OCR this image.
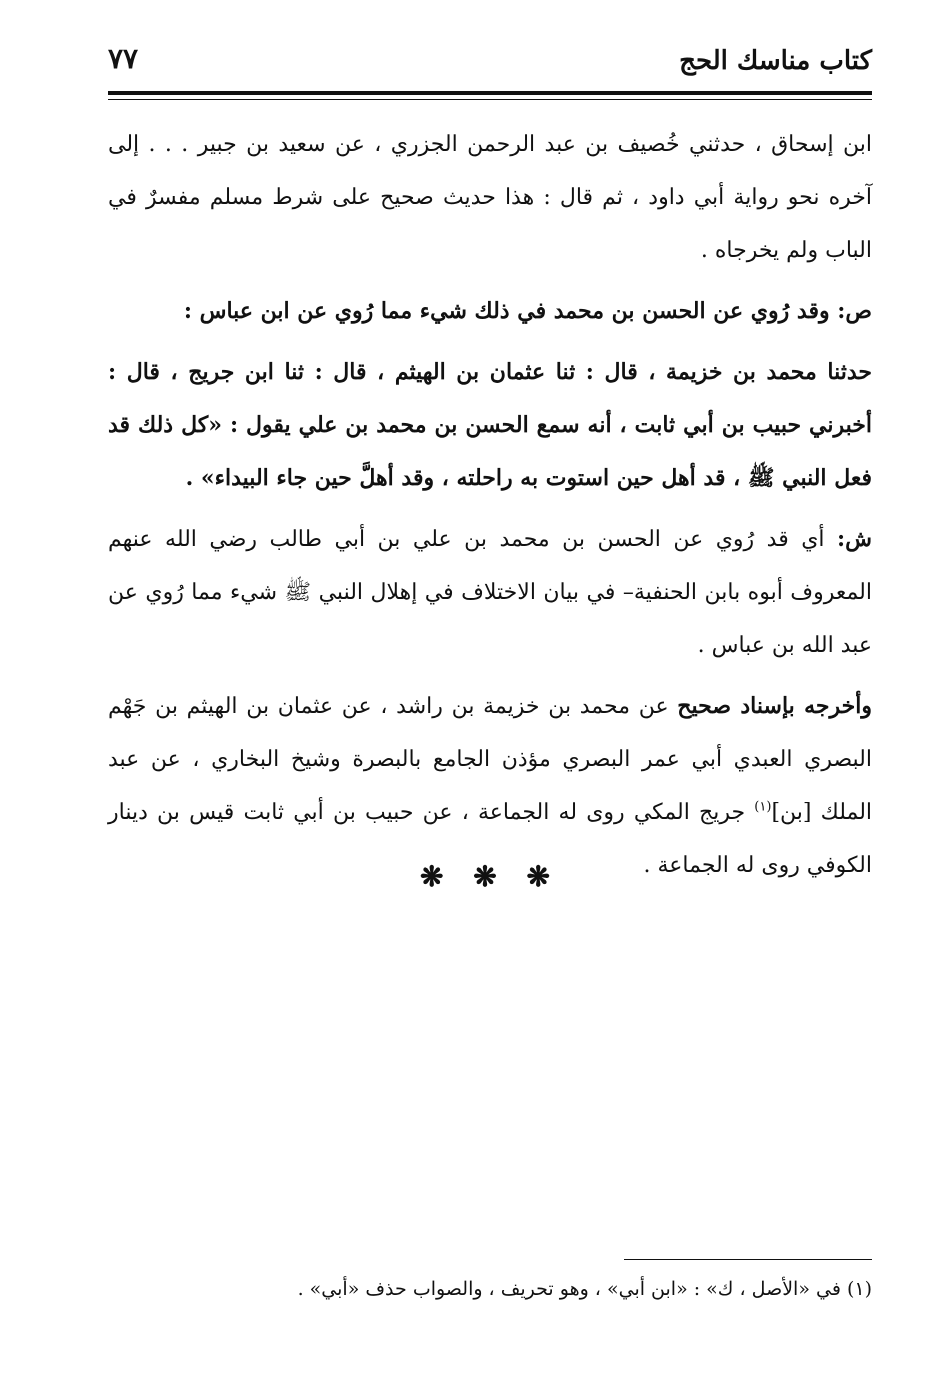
كتاب مناسك الحج
٧٧

ابن إسحاق ، حدثني خُصيف بن عبد الرحمن الجزري ، عن سعيد بن جبير . . . إلى آخره نحو رواية أبي داود ، ثم قال : هذا حديث صحيح على شرط مسلم مفسرٌ في الباب ولم يخرجاه .

ص: وقد رُوي عن الحسن بن محمد في ذلك شيء مما رُوي عن ابن عباس :

حدثنا محمد بن خزيمة ، قال : ثنا عثمان بن الهيثم ، قال : ثنا ابن جريج ، قال : أخبرني حبيب بن أبي ثابت ، أنه سمع الحسن بن محمد بن علي يقول : «كل ذلك قد فعل النبي ﷺ ، قد أهل حين استوت به راحلته ، وقد أهلَّ حين جاء البيداء» .

ش: أي قد رُوي عن الحسن بن محمد بن علي بن أبي طالب رضي الله عنهم المعروف أبوه بابن الحنفية– في بيان الاختلاف في إهلال النبي ﷺ شيء مما رُوي عن عبد الله بن عباس .

وأخرجه بإسناد صحيح عن محمد بن خزيمة بن راشد ، عن عثمان بن الهيثم بن جَهْم البصري العبدي أبي عمر البصري مؤذن الجامع بالبصرة وشيخ البخاري ، عن عبد الملك [بن]$^{(١)}$ جريج المكي روى له الجماعة ، عن حبيب بن أبي ثابت قيس بن دينار الكوفي روى له الجماعة .

❋ ❋ ❋
(١) في «الأصل ، ك» : «ابن أبي» ، وهو تحريف ، والصواب حذف «أبي» .
